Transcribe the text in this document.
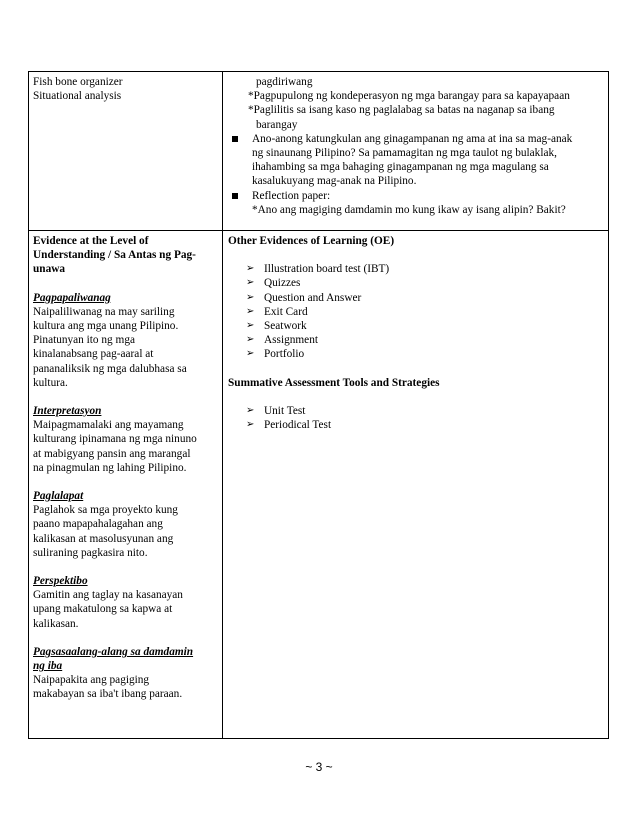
Fish bone organizer
Situational analysis
pagdiriwang
*Pagpupulong ng kondeperasyon ng mga barangay para sa kapayapaan
*Paglilitis sa isang kaso ng paglalabag sa batas na naganap sa ibang
barangay
Ano-anong katungkulan ang ginagampanan ng ama at ina sa mag-anak
ng sinaunang Pilipino? Sa pamamagitan ng mga taulot ng bulaklak,
ihahambing sa mga bahaging ginagampanan ng mga magulang sa
kasalukuyang mag-anak na Pilipino.
Reflection paper:
*Ano ang magiging damdamin mo kung ikaw ay isang alipin? Bakit?
Evidence at the Level of
Understanding / Sa Antas ng Pag-
unawa
Pagpapaliwanag
Naipaliliwanag na may sariling
kultura ang mga unang Pilipino.
Pinatunyan ito ng mga
kinalanabsang pag-aaral at
pananaliksik ng mga dalubhasa sa
kultura.
Interpretasyon
Maipagmamalaki ang mayamang
kulturang ipinamana ng mga ninuno
at mabigyang pansin ang marangal
na pinagmulan ng lahing Pilipino.
Paglalapat
Paglahok sa mga proyekto kung
paano mapapahalagahan ang
kalikasan at masolusyunan ang
suliraning pagkasira nito.
Perspektibo
Gamitin ang taglay na kasanayan
upang makatulong sa kapwa at
kalikasan.
Pagsasaalang-alang sa damdamin
ng iba
Naipapakita ang pagiging
makabayan sa iba't ibang paraan.
Other Evidences of Learning (OE)
➢ Illustration board test (IBT)
➢ Quizzes
➢ Question and Answer
➢ Exit Card
➢ Seatwork
➢ Assignment
➢ Portfolio
Summative Assessment Tools and Strategies
➢ Unit Test
➢ Periodical Test
~ 3 ~
